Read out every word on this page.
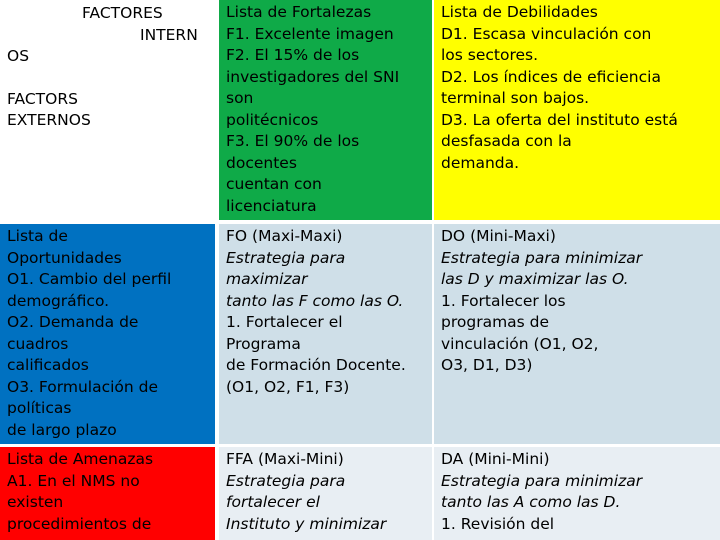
FACTORES
INTERN
OS
FACTORS
EXTERNOS
Lista de Fortalezas
F1. Excelente imagen
F2. El 15% de los
investigadores del SNI
son
politécnicos
F3. El 90% de los
docentes
cuentan con
licenciatura
Lista de Debilidades
D1. Escasa vinculación con
los sectores.
D2. Los índices de eficiencia
terminal son bajos.
D3. La oferta del instituto está
desfasada con la
demanda.
Lista de
Oportunidades
O1. Cambio del perfil
demográfico.
O2. Demanda de
cuadros
calificados
O3. Formulación de
políticas
de largo plazo
FO (Maxi-Maxi)
Estrategia para
maximizar
tanto las F como las O.
1. Fortalecer el
Programa
de Formación Docente.
(O1, O2, F1, F3)
DO (Mini-Maxi)
Estrategia para minimizar
las D y maximizar las O.
1. Fortalecer los
programas de
vinculación (O1, O2,
O3, D1, D3)
Lista de Amenazas
A1. En el NMS no
existen
procedimientos de
FFA (Maxi-Mini)
Estrategia para
fortalecer el
Instituto y minimizar
DA (Mini-Mini)
Estrategia para minimizar
tanto las A como las D.
1. Revisión del
